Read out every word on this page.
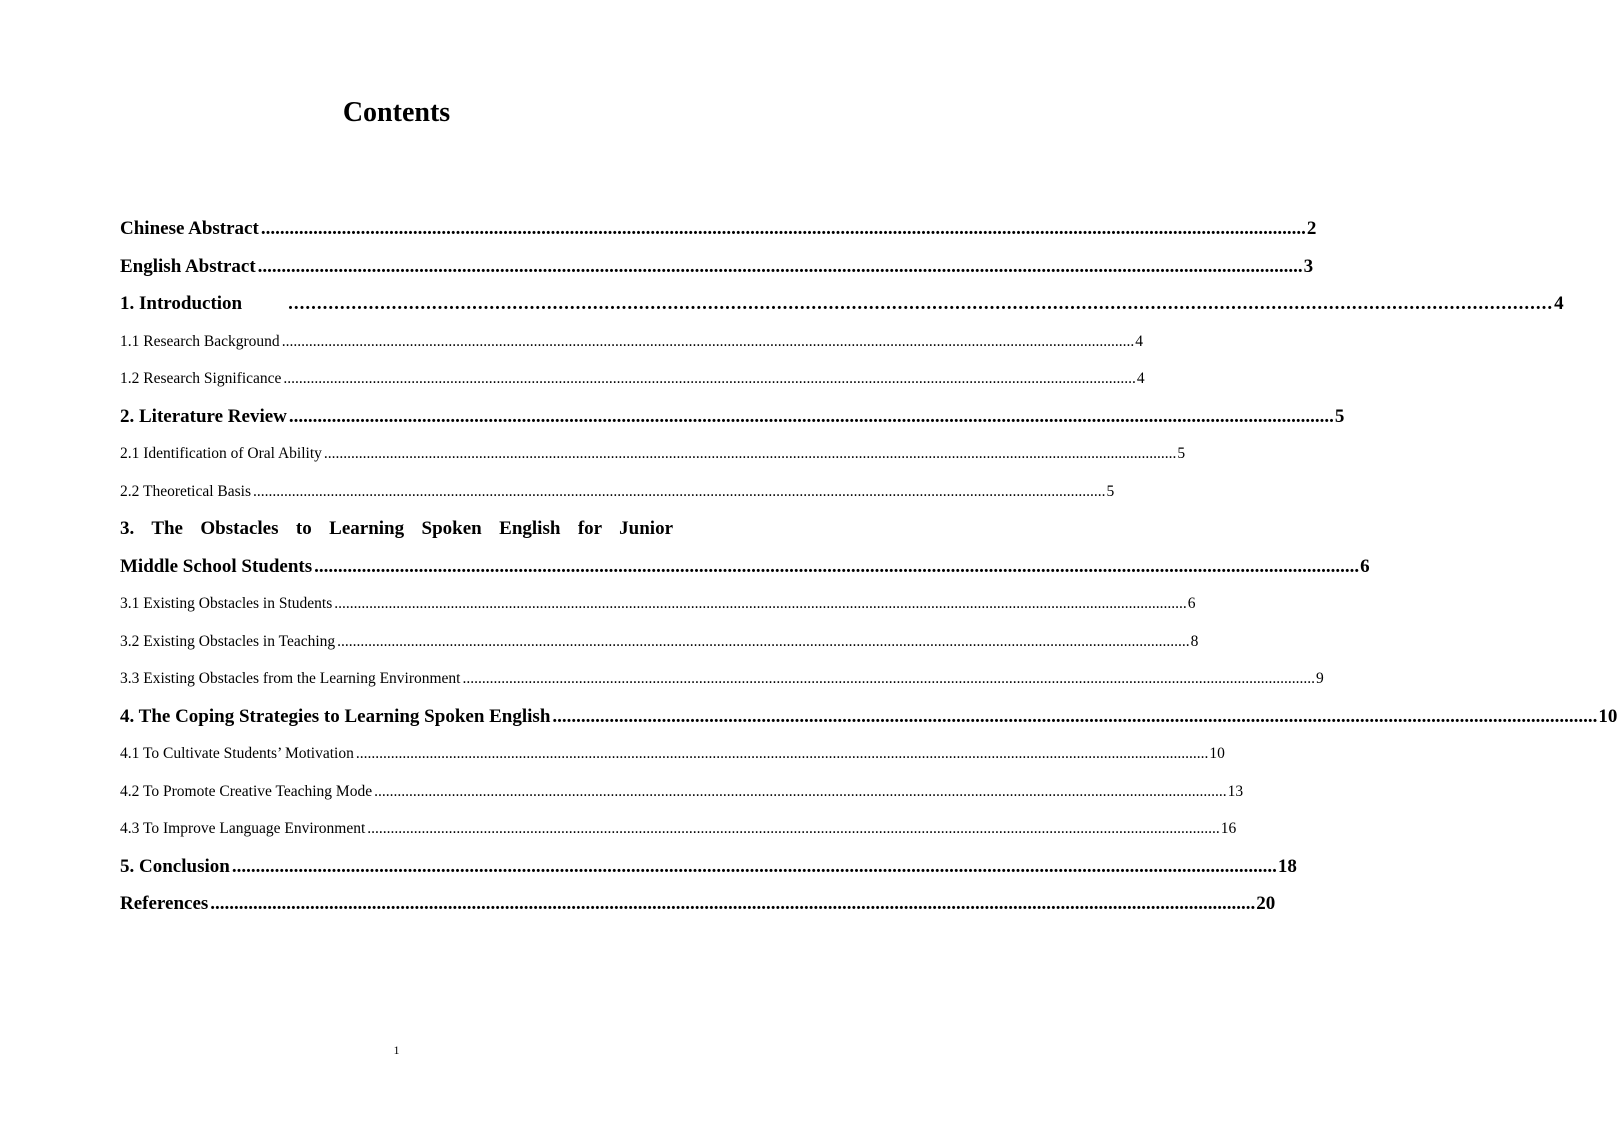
Contents
Chinese Abstract ............................................................................................................................................................................................................................ 2
English Abstract ............................................................................................................................................................................................................................ 3
1. Introduction ............................................................................................................................................................................................................................ 4
1.1 Research Background ............................................................................................................................................................................................................................ 4
1.2 Research Significance ............................................................................................................................................................................................................................ 4
2. Literature Review ............................................................................................................................................................................................................................ 5
2.1 Identification of Oral Ability ............................................................................................................................................................................................................................ 5
2.2 Theoretical Basis ............................................................................................................................................................................................................................ 5
3. The Obstacles to Learning Spoken English for Junior
Middle School Students ............................................................................................................................................................................................................................ 6
3.1 Existing Obstacles in Students ............................................................................................................................................................................................................................ 6
3.2 Existing Obstacles in Teaching ............................................................................................................................................................................................................................ 8
3.3 Existing Obstacles from the Learning Environment ............................................................................................................................................................................................................................ 9
4. The Coping Strategies to Learning Spoken English ............................................................................................................................................................................................................................ 10
4.1 To Cultivate Students’ Motivation ............................................................................................................................................................................................................................ 10
4.2 To Promote Creative Teaching Mode ............................................................................................................................................................................................................................ 13
4.3 To Improve Language Environment ............................................................................................................................................................................................................................ 16
5. Conclusion ............................................................................................................................................................................................................................ 18
References ............................................................................................................................................................................................................................ 20
1
